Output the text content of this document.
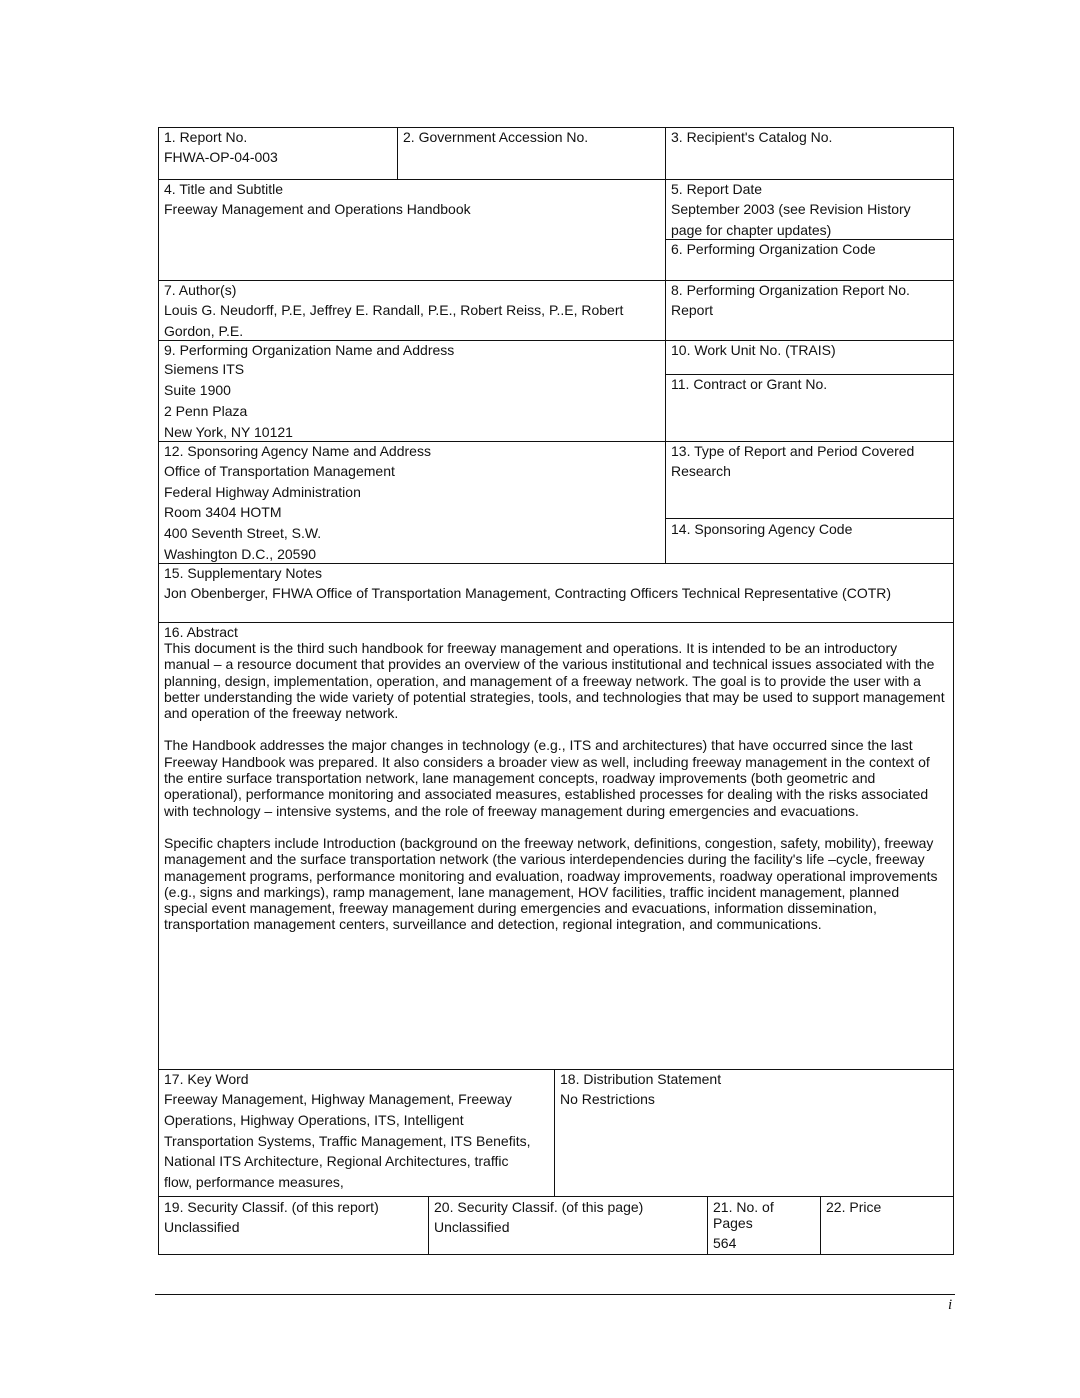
1. Report No.
FHWA-OP-04-003
2. Government Accession No.	3. Recipient's Catalog No.
4. Title and Subtitle
Freeway Management and Operations Handbook
5. Report Date
September 2003 (see Revision History
page for chapter updates)
6. Performing Organization Code
7. Author(s)
Louis G. Neudorff, P.E, Jeffrey E. Randall, P.E., Robert Reiss, P..E, Robert
Gordon, P.E.
8. Performing Organization Report No.
Report
9. Performing Organization Name and Address
Siemens ITS
Suite 1900
2 Penn Plaza
New York, NY 10121
10. Work Unit No. (TRAIS)
11. Contract or Grant No.
12. Sponsoring Agency Name and Address
Office of Transportation Management
Federal Highway Administration
Room 3404 HOTM
400 Seventh Street, S.W.
Washington D.C., 20590
13. Type of Report and Period Covered
Research
14. Sponsoring Agency Code
15. Supplementary Notes
Jon Obenberger, FHWA Office of Transportation Management, Contracting Officers Technical Representative (COTR)
16. Abstract

This document is the third such handbook for freeway management and operations. It is intended to be an introductory manual – a resource document that provides an overview of the various institutional and technical issues associated with the planning, design, implementation, operation, and management of a freeway network. The goal is to provide the user with a better understanding the wide variety of potential strategies, tools, and technologies that may be used to support management and operation of the freeway network.

The Handbook addresses the major changes in technology (e.g., ITS and architectures) that have occurred since the last Freeway Handbook was prepared. It also considers a broader view as well, including freeway management in the context of the entire surface transportation network, lane management concepts, roadway improvements (both geometric and operational), performance monitoring and associated measures, established processes for dealing with the risks associated with technology – intensive systems, and the role of freeway management during emergencies and evacuations.

Specific chapters include Introduction (background on the freeway network, definitions, congestion, safety, mobility), freeway management and the surface transportation network (the various interdependencies during the facility's life –cycle, freeway management programs, performance monitoring and evaluation, roadway improvements, roadway operational improvements (e.g., signs and markings), ramp management, lane management, HOV facilities, traffic incident management, planned special event management, freeway management during emergencies and evacuations, information dissemination, transportation management centers, surveillance and detection, regional integration, and communications.

17. Key Word
Freeway Management, Highway Management, Freeway
Operations, Highway Operations, ITS, Intelligent
Transportation Systems, Traffic Management, ITS Benefits,
National ITS Architecture, Regional Architectures, traffic
flow, performance measures,
18. Distribution Statement
No Restrictions
19. Security Classif. (of this report)
Unclassified
20. Security Classif. (of this page)
Unclassified
21. No. of
Pages
564
22. Price
i
